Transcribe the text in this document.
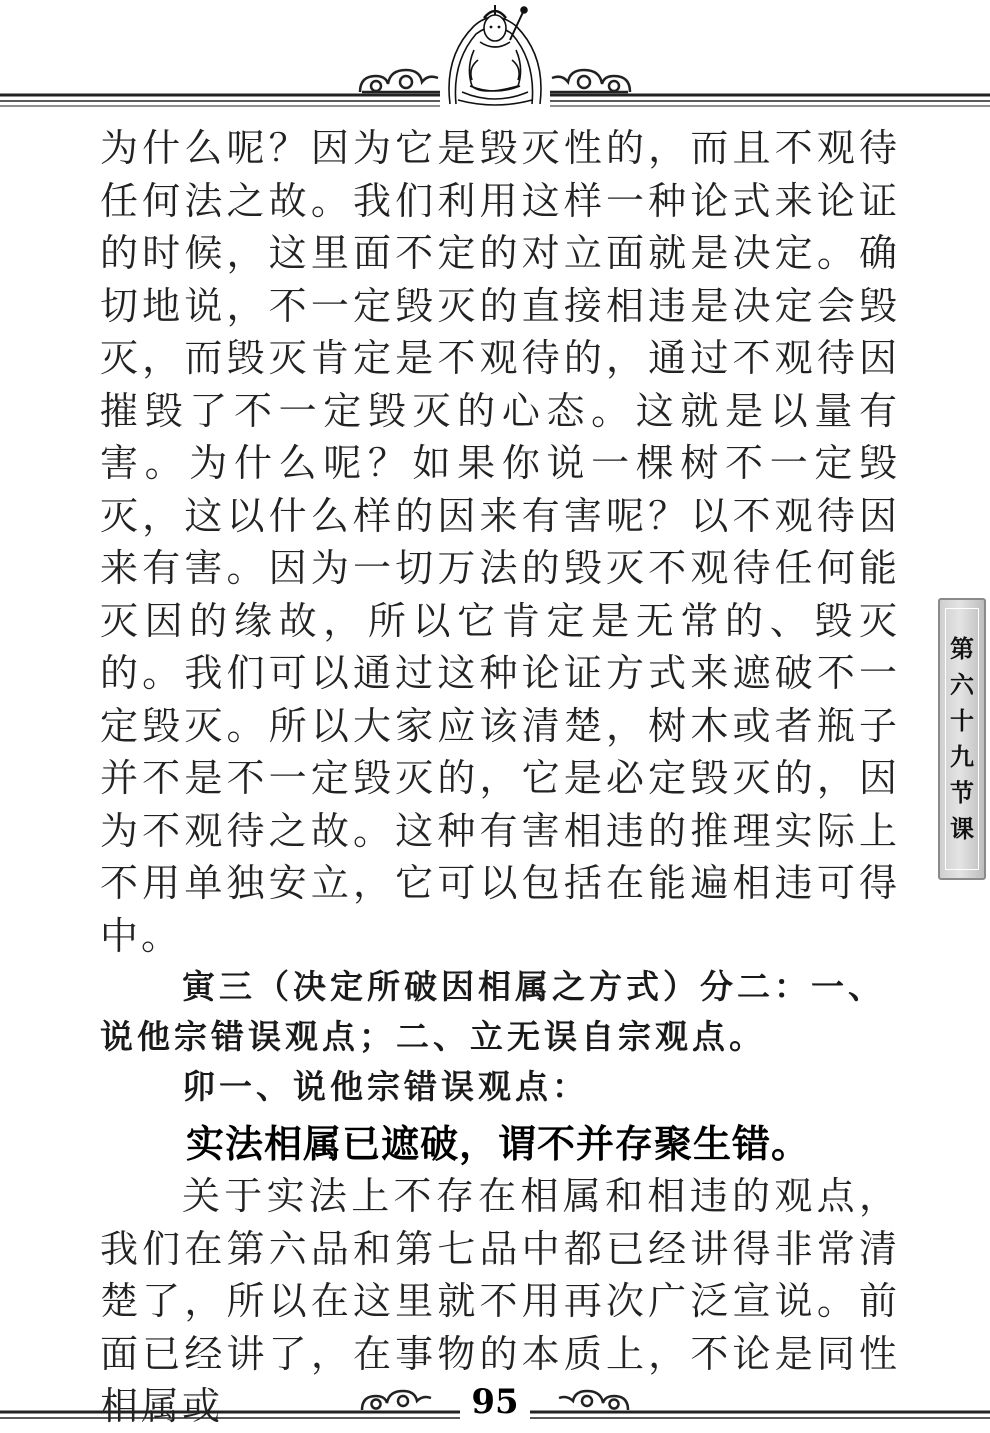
为什么呢？因为它是毁灭性的，而且不观待任何法之故。我们利用这样一种论式来论证的时候，这里面不定的对立面就是决定。确切地说，不一定毁灭的直接相违是决定会毁灭，而毁灭肯定是不观待的，通过不观待因摧毁了不一定毁灭的心态。这就是以量有害。为什么呢？如果你说一棵树不一定毁灭，这以什么样的因来有害呢？以不观待因来有害。因为一切万法的毁灭不观待任何能灭因的缘故，所以它肯定是无常的、毁灭的。我们可以通过这种论证方式来遮破不一定毁灭。所以大家应该清楚，树木或者瓶子并不是不一定毁灭的，它是必定毁灭的，因为不观待之故。这种有害相违的推理实际上不用单独安立，它可以包括在能遍相违可得中。

寅三（决定所破因相属之方式）分二：一、说他宗错误观点；二、立无误自宗观点。

卯一、说他宗错误观点：

实法相属已遮破，谓不并存聚生错。

关于实法上不存在相属和相违的观点，我们在第六品和第七品中都已经讲得非常清楚了，所以在这里就不用再次广泛宣说。前面已经讲了，在事物的本质上，不论是同性相属或

第
六
十
九
节
课
95
